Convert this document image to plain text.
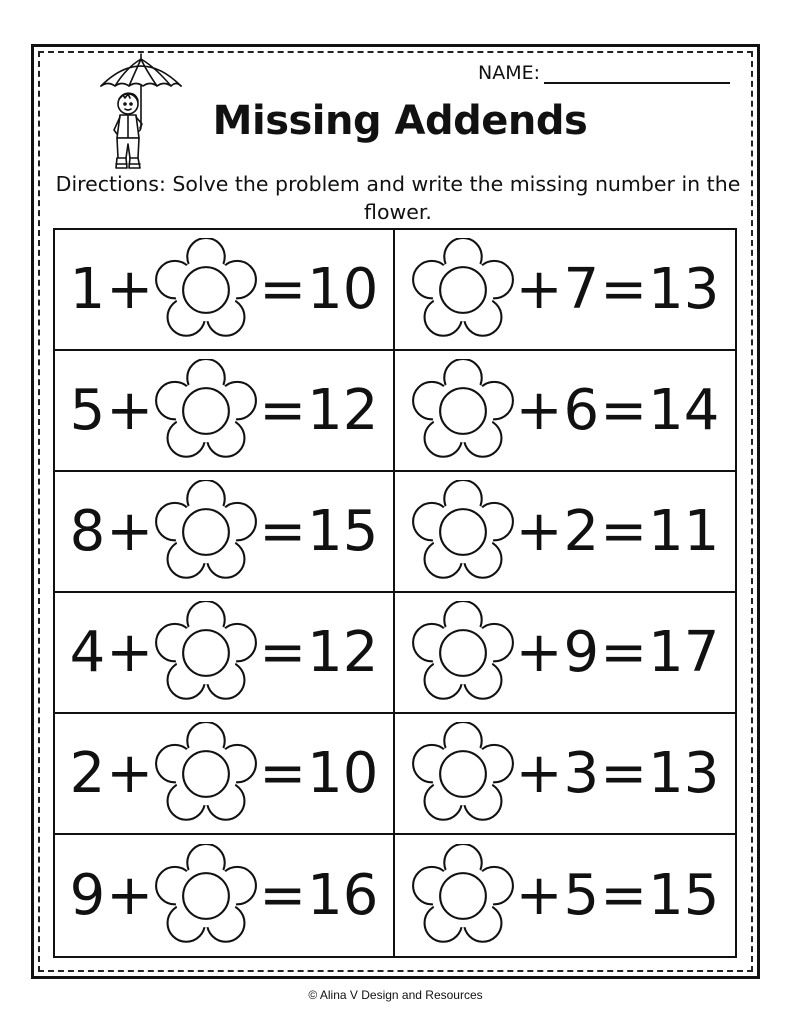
NAME:
Missing Addends
Directions: Solve the problem and write the missing number in the flower.
1 + = 10 + 7 = 13
5 + = 12 + 6 = 14
8 + = 15 + 2 = 11
4 + = 12 + 9 = 17
2 + = 10 + 3 = 13
9 + = 16 + 5 = 15
© Alina V Design and Resources
